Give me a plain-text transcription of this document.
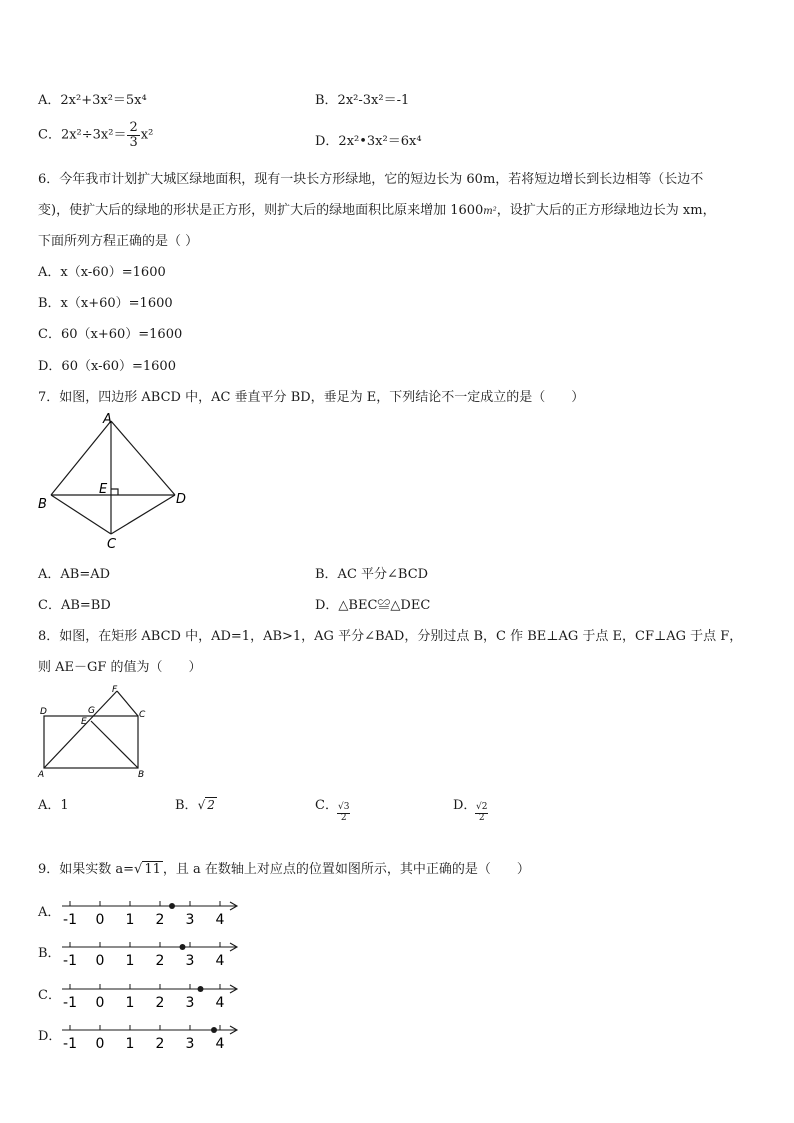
A．2x²+3x²＝5x⁴	B．2x²-3x²＝-1
C．$2x^2\div 3x^2= \frac{2}{3} x^2$	D．2x²•3x²＝6x⁴
6．今年我市计划扩大城区绿地面积，现有一块长方形绿地，它的短边长为 60m，若将短边增长到长边相等（长边不
变)，使扩大后的绿地的形状是正方形，则扩大后的绿地面积比原来增加 1600m²，设扩大后的正方形绿地边长为 xm，
下面所列方程正确的是（ ）
A．x（x-60）=1600
B．x（x+60）=1600
C．60（x+60）=1600
D．60（x-60）=1600
7．如图，四边形 ABCD 中，AC 垂直平分 BD，垂足为 E，下列结论不一定成立的是（　　）
A
B
C
D
E
A．AB=AD	B．AC 平分∠BCD
C．AB=BD	D．△BEC≌△DEC
8．如图，在矩形 ABCD 中，AD=1，AB>1，AG 平分∠BAD，分别过点 B，C 作 BE⊥AG 于点 E，CF⊥AG 于点 F，
则 AE－GF 的值为（　　）
D	G
F
C
E
A	B
A．1	B．√ 2	C． $\frac{√3}{2}$	D．
$\frac{√2}{2}$
9．如果实数 a=√ 11 ，且 a 在数轴上对应点的位置如图所示，其中正确的是（　　）
A． -1 0 1 2 3 4
B． -1 0 1 2 3 4
C． -1 0 1 2 3 4
D． -1 0 1 2 3 4
